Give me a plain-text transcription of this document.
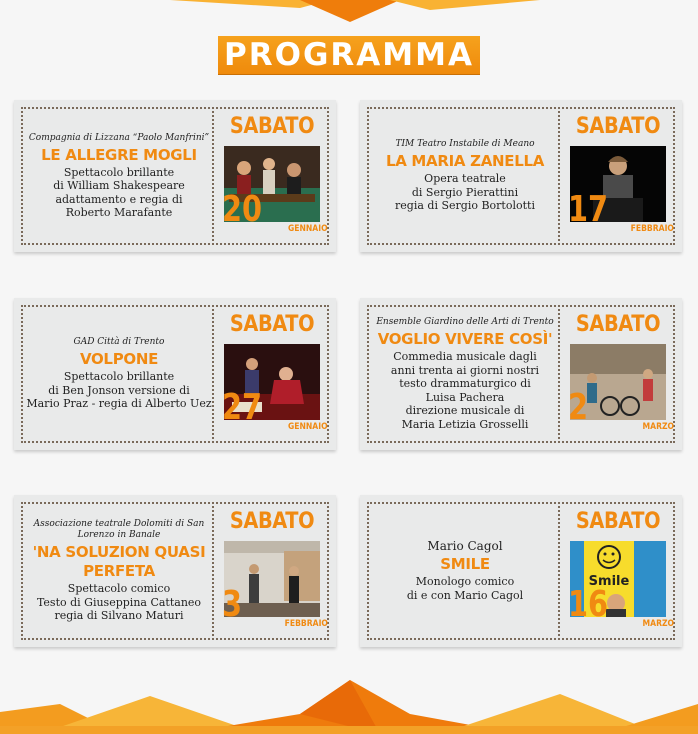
PROGRAMMA
Compagnia di Lizzana “Paolo Manfrini”
LE ALLEGRE MOGLI
Spettacolo brillante
di William Shakespeare
adattamento e regia di
Roberto Marafante
SABATO
20	GENNAIO
TIM Teatro Instabile di Meano
LA MARIA ZANELLA
Opera teatrale
di Sergio Pierattini
regia di Sergio Bortolotti
SABATO
17	FEBBRAIO
GAD Città di Trento
VOLPONE
Spettacolo brillante
di Ben Jonson versione di
Mario Praz - regia di Alberto Uez
SABATO
27	GENNAIO
Ensemble Giardino delle Arti di Trento
VOGLIO VIVERE COSÌ'
Commedia musicale dagli
anni trenta ai giorni nostri
testo drammaturgico di
Luisa Pachera
direzione musicale di
Maria Letizia Grosselli
SABATO
2	MARZO
Associazione teatrale Dolomiti di San Lorenzo in Banale
'NA SOLUZION QUASI PERFETA
Spettacolo comico
Testo di Giuseppina Cattaneo
regia di Silvano Maturi
SABATO
3	FEBBRAIO
Mario Cagol
SMILE
Monologo comico
di e con Mario Cagol
SABATO
Smile
16	MARZO
